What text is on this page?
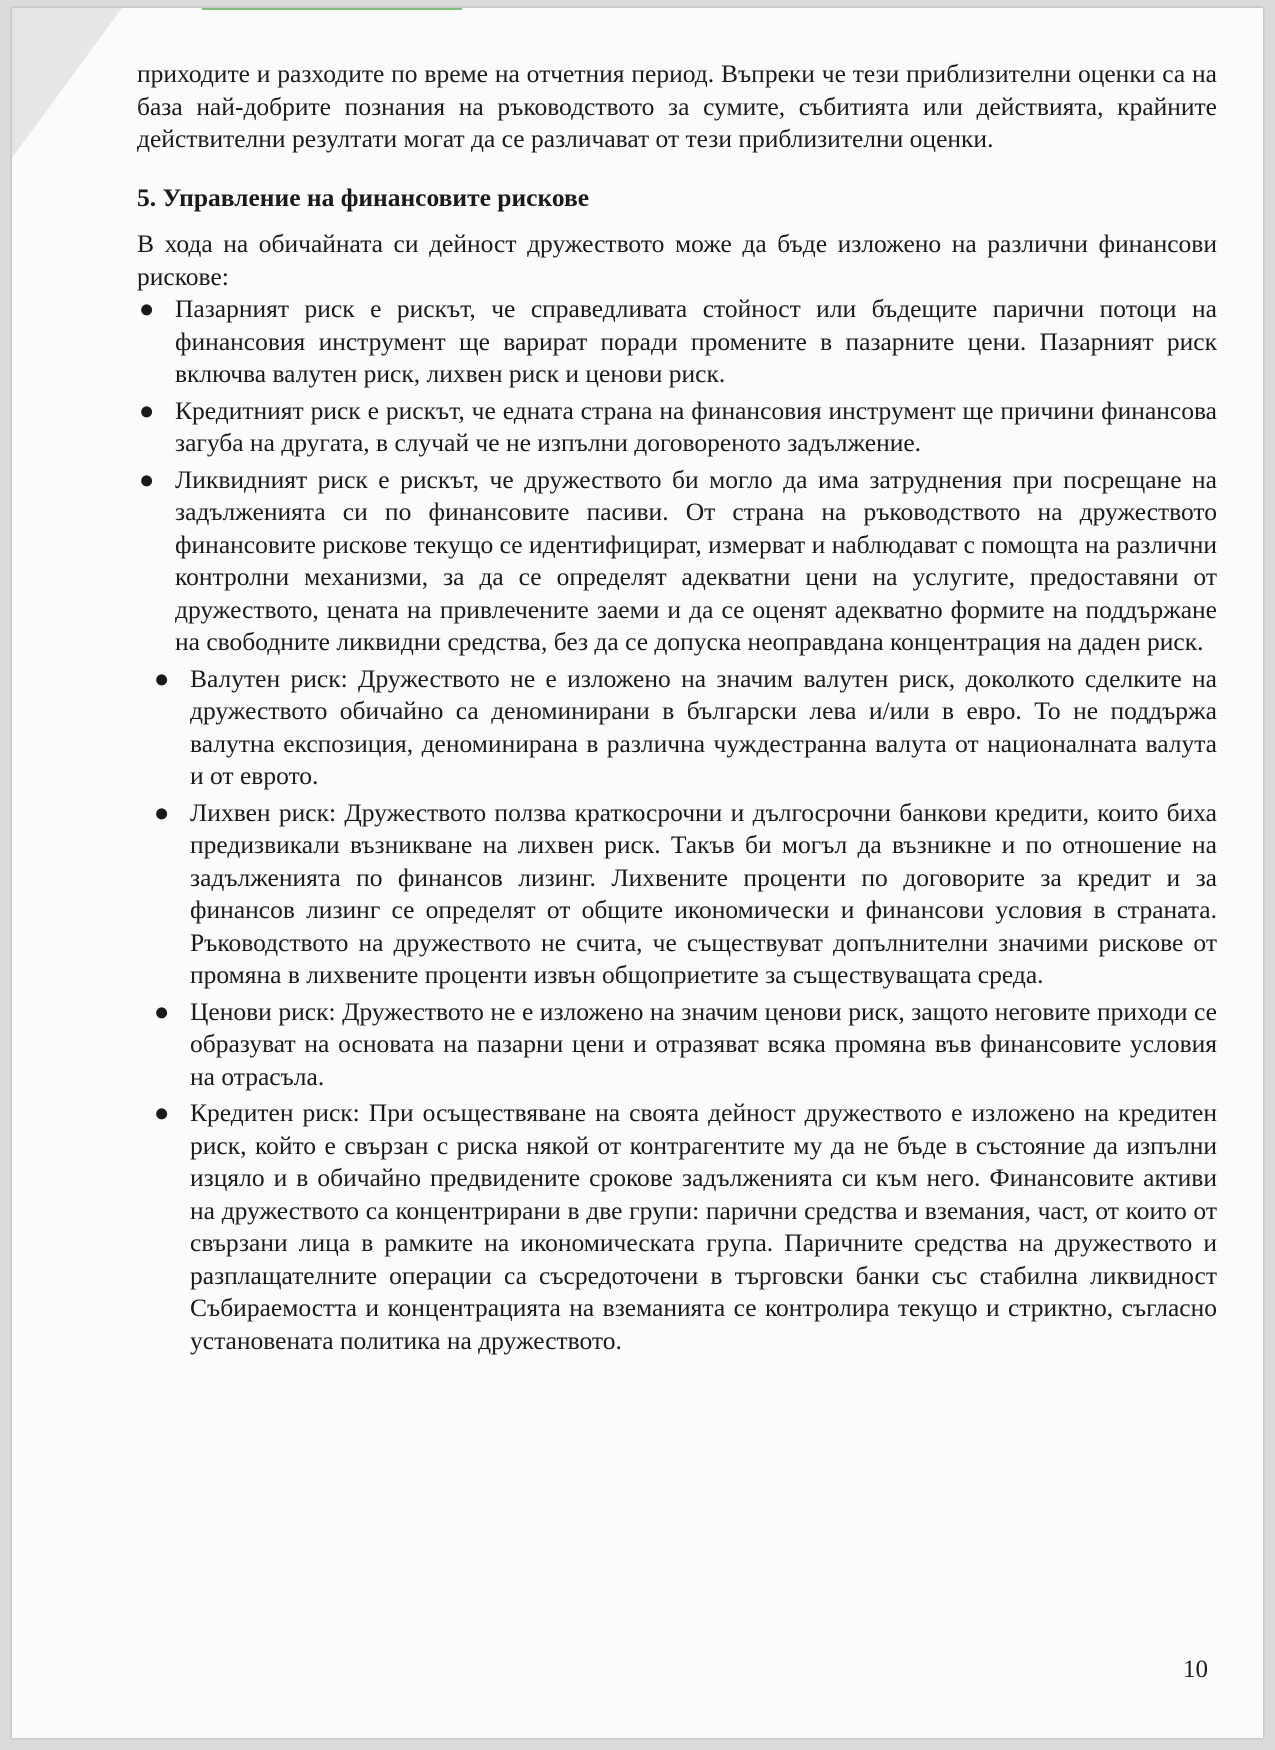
приходите и разходите по време на отчетния период. Въпреки че тези приблизителни оценки са на база най-добрите познания на ръководството за сумите, събитията или действията, крайните действителни резултати могат да се различават от тези приблизителни оценки.

5. Управление на финансовите рискове

В хода на обичайната си дейност дружеството може да бъде изложено на различни финансови рискове:

● Пазарният риск е рискът, че справедливата стойност или бъдещите парични потоци на финансовия инструмент ще варират поради промените в пазарните цени. Пазарният риск включва валутен риск, лихвен риск и ценови риск.
● Кредитният риск е рискът, че едната страна на финансовия инструмент ще причини финансова загуба на другата, в случай че не изпълни договореното задължение.
● Ликвидният риск е рискът, че дружеството би могло да има затруднения при посрещане на задълженията си по финансовите пасиви. От страна на ръководството на дружеството финансовите рискове текущо се идентифицират, измерват и наблюдават с помощта на различни контролни механизми, за да се определят адекватни цени на услугите, предоставяни от дружеството, цената на привлечените заеми и да се оценят адекватно формите на поддържане на свободните ликвидни средства, без да се допуска неоправдана концентрация на даден риск.
● Валутен риск: Дружеството не е изложено на значим валутен риск, доколкото сделките на дружеството обичайно са деноминирани в български лева и/или в евро. То не поддържа валутна експозиция, деноминирана в различна чуждестранна валута от националната валута и от еврото.
● Лихвен риск: Дружеството ползва краткосрочни и дългосрочни банкови кредити, които биха предизвикали възникване на лихвен риск. Такъв би могъл да възникне и по отношение на задълженията по финансов лизинг. Лихвените проценти по договорите за кредит и за финансов лизинг се определят от общите икономически и финансови условия в страната. Ръководството на дружеството не счита, че съществуват допълнителни значими рискове от промяна в лихвените проценти извън общоприетите за съществуващата среда.
● Ценови риск: Дружеството не е изложено на значим ценови риск, защото неговите приходи се образуват на основата на пазарни цени и отразяват всяка промяна във финансовите условия на отрасъла.
● Кредитен риск: При осъществяване на своята дейност дружеството е изложено на кредитен риск, който е свързан с риска някой от контрагентите му да не бъде в състояние да изпълни изцяло и в обичайно предвидените срокове задълженията си към него. Финансовите активи на дружеството са концентрирани в две групи: парични средства и вземания, част, от които от свързани лица в рамките на икономическата група. Паричните средства на дружеството и разплащателните операции са съсредоточени в търговски банки със стабилна ликвидност Събираемостта и концентрацията на вземанията се контролира текущо и стриктно, съгласно установената политика на дружеството.
10
